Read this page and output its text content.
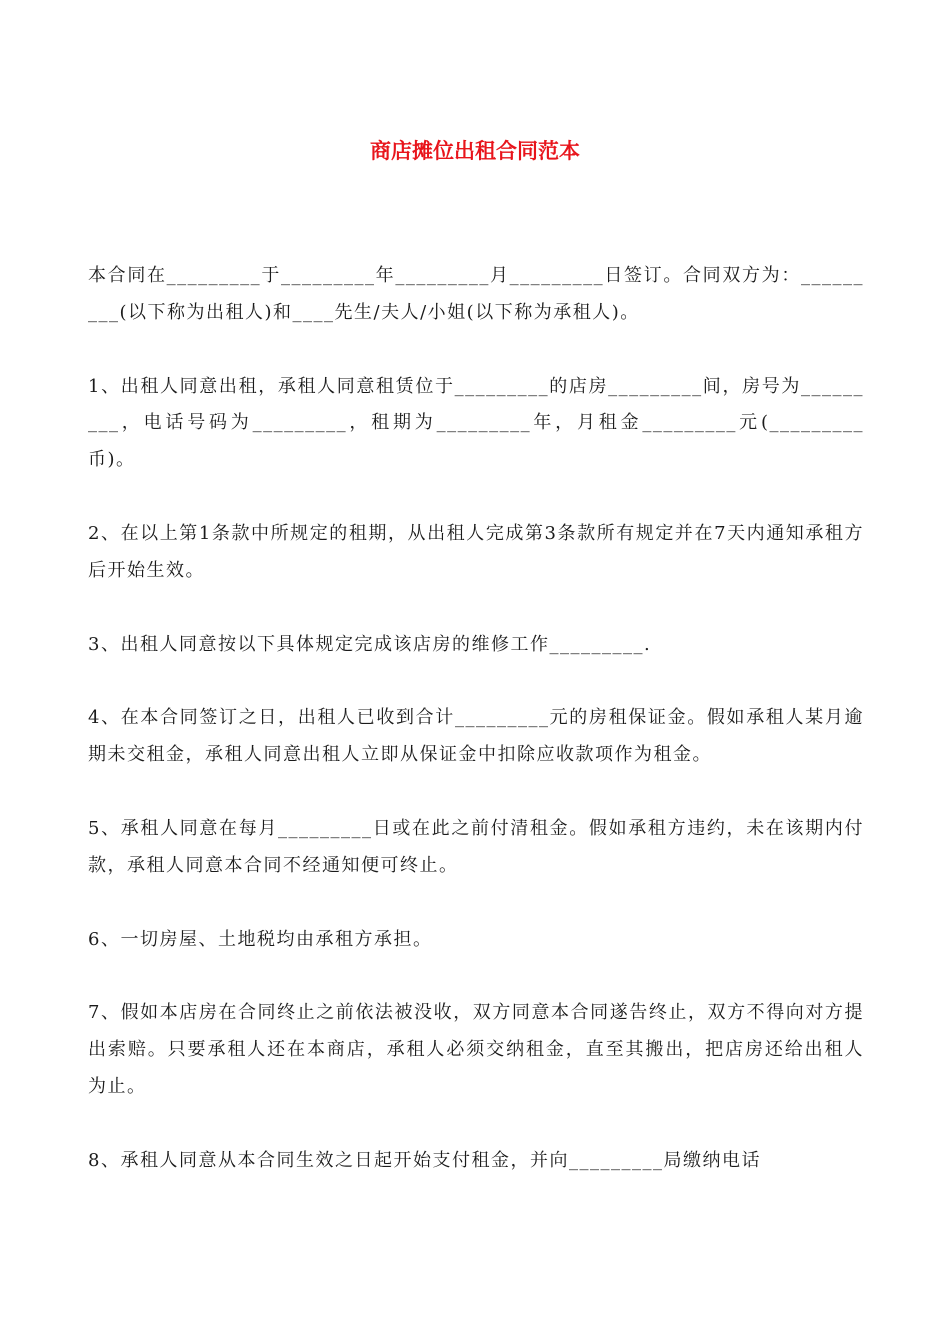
商店摊位出租合同范本

本合同在_________于_________年_________月_________日签订。合同双方为：_________(以下称为出租人)和____先生/夫人/小姐(以下称为承租人)。

1、出租人同意出租，承租人同意租赁位于_________的店房_________间，房号为_________，电话号码为_________，租期为_________年，月租金_________元(_________币)。

2、在以上第1条款中所规定的租期，从出租人完成第3条款所有规定并在7天内通知承租方后开始生效。

3、出租人同意按以下具体规定完成该店房的维修工作_________.

4、在本合同签订之日，出租人已收到合计_________元的房租保证金。假如承租人某月逾期未交租金，承租人同意出租人立即从保证金中扣除应收款项作为租金。

5、承租人同意在每月_________日或在此之前付清租金。假如承租方违约，未在该期内付款，承租人同意本合同不经通知便可终止。

6、一切房屋、土地税均由承租方承担。

7、假如本店房在合同终止之前依法被没收，双方同意本合同遂告终止，双方不得向对方提出索赔。只要承租人还在本商店，承租人必须交纳租金，直至其搬出，把店房还给出租人为止。

8、承租人同意从本合同生效之日起开始支付租金，并向_________局缴纳电话
